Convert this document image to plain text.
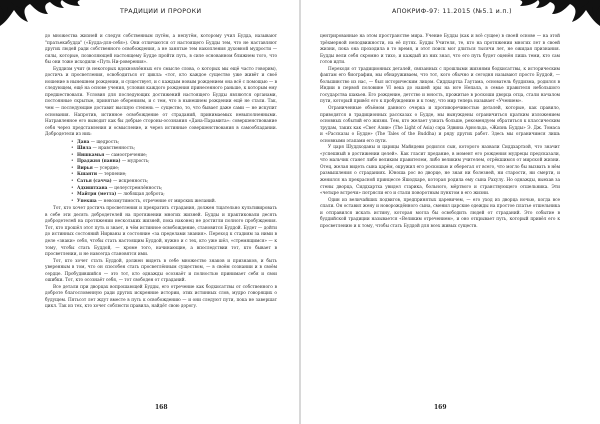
ТРАДИЦИИ И ПРОРОКИ

до множества жизней и следуя собственным путём, а непутём, которому учил Будда, называют "пратьекабудда" («Будда-для-себя»). Они отличаются от настоящего Будды тем, что не наставляют других людей ради собственного освобождения, а не занятые тем накопления духовной мудрости — силы, которые, позволяющей настоящему Будде пройти путь, в силе основанном ближнем того, что бы они тоже исходили «Путь Ни-роверения».

Буддизм учит (в некоторых вдохновлённых его смысле слова, о которых мы ещё часто говорим), достичь и просветления, освободиться от цикла: «тот, кто каждое существо уже живёт и своё ношение в нынешнем рождении, и существует, и с каждым новым рождением она всё с помощью — в следующем, ещё на основе учения, условия каждого рождения принесенного раньше, к которым ему предшествовали. Условия для последующих достижений настоящего Будды являются органами, постоянные скрытые, принятые оборениям, и с тем, что в нынешнем рождении ещё не стали. Так, чем — последующие доставит высшую степень — существо, то, что бывает даже сами — не искупит основания. Напротив, истинное освобождение от страданий, принимаемых невыполненными. Натравленное его выводит как бы добрые стороны-осознания «Дана-Парамита»: совершенствование себя через представления и осмысление, и через истинные совершенствования в самообладании. Добродетели из них:

• Дана — щедрость;
• Шила — нравственность;
• Нишкамья — самоотречение;
• Праджня (панна) — мудрость;
• Вирья — усердие;
• Кшанти — терпение;
• Сатья (сачча) — искренность;
• Адхиштхана — целеустремлённость;
• Майтри (метта) — любящая доброта;
• Упекша — невозмутимость, отречение от мирских желаний.

Тот, кто хочет достичь просветления и прекратить страдания, должен тщательно культивировать в себе эти десять добродетелей на протяжении многих жизней. Будды и практиковали десять добродетелей на протяжении нескольких жизней, пока наконец не достигли полного пробуждения. Тот, кто прошёл этот путь и знает, в чём истинное освобождение, становится Буддой. Будет — дойти до истинных состояний Нирваны и состояние «за пределами знания». Переход к стадиям за ними в деле «знаки» себя, чтобы стать настоящим Буддой, нужно и с тех, кто уже шёл, «стремящимся» — к тому, чтобы стать Буддой, — кроме того, начинающие, а впоследствии тот, кто бывает в просветлении, и не навсегда становятся ими.

Тот, кто хочет стать Буддой, должен видеть в себе множество знаков и признаков, и быть уверенным в том, что он способен стать просветлённым существом, — в своём сознании и в своём сердце. Пробудившийся — это тот, кто однажды осознаёт и полностью принимает себя и свои ошибки. Тот, кто осознаёт себя, — тот свободен от страданий.

Все детали при дворцах вопрошающей Будды, его отречение как бодхисаттвы от собственного в доброте благословенную ради других искренние истории, этих истинных слов, мудро говорящих о будущем. Пятьсот лет ждут вместе в путь к освобождению — и они следуют пути, пока не завершат цикл. Так из тех, кто хочет соблюсти правила, найдёт свою дорогу.

168
АПОКРИФ-97: 11.2015 (№5.1 и.п.)

центрированные на этом пространстве мира. Учение Будды (как и всё сущее) в своей основе — на этой трёхмерной неподвижности, на её путях. Будды Учителя, те, кто на протяжении многих лет в своей жизни, пока она проходила в то время, и этот поиск мог длиться тысячи лет, не ожидая признания. Будды вели себя скромно и тихо, и каждый из них знал, что его путь будет оценён лишь теми, кто сам готов идти.

Переходя от традиционных деталей, связанных с прошлыми жизнями бодхисаттвы, к историческим фактам его биографии, мы обнаруживаем, что тот, кого обычно и сегодня называют просто Буддой, — большинство из нас, — был историческим лицом. Сиддхартха Гаутама, основатель буддизма, родился в Индии в первой половине VI века до нашей эры на юге Непала, в семье правителя небольшого государства шакьев. Его рождение, детство и юность, прожитые в роскоши дворца отца, стали началом пути, который привёл его к пробуждению и к тому, что мир теперь называет «Учением».

Ограниченные объёмом данного очерка и противоречивостью деталей, которые, как правило, приводятся в традиционных рассказах о Будде, мы вынуждены ограничиться кратким изложением основных событий его жизни. Тем, кто желает узнать больше, рекомендуем обратиться к классическим трудам, таких как «Свет Азии» (The Light of Asia) сэра Эдвина Арнольда, «Жизнь Будды» Э. Дж. Томаса и «Рассказы о Будде» (The Tales of the Buddha) и ряду других работ. Здесь мы ограничимся лишь основными этапами его пути.

У царя Шуддходаны и царицы Майядеви родился сын, которого назвали Сиддхартхой, что значит «успешный в достижении целей». Как гласит предание, в момент его рождения мудрецы предсказали, что мальчик станет либо великим правителем, либо великим учителем, отрёкшимся от мирской жизни. Отец, желая видеть сына царём, окружил его роскошью и оберегал от всего, что могло бы вызвать в нём размышления о страданиях. Юноша рос во дворце, не зная ни болезней, ни старости, ни смерти, и женился на прекрасной принцессе Яшодхаре, которая родила ему сына Рахулу. Но однажды, выехав за стены дворца, Сиддхартха увидел старика, больного, мёртвого и странствующего отшельника. Эти «четыре встречи» потрясли его и стали поворотным пунктом в его жизни.

Один из величайших подвигов, предпринятых царевичем, — его уход из дворца ночью, когда все спали. Он оставил жену и новорождённого сына, сменил царские одежды на простое платье отшельника и отправился искать истину, которая могла бы освободить людей от страданий. Это событие в буддийской традиции называется «Великим отречением», и оно открывает путь, который привёл его к просветлению и к тому, чтобы стать Буддой для всех живых существ.

169
